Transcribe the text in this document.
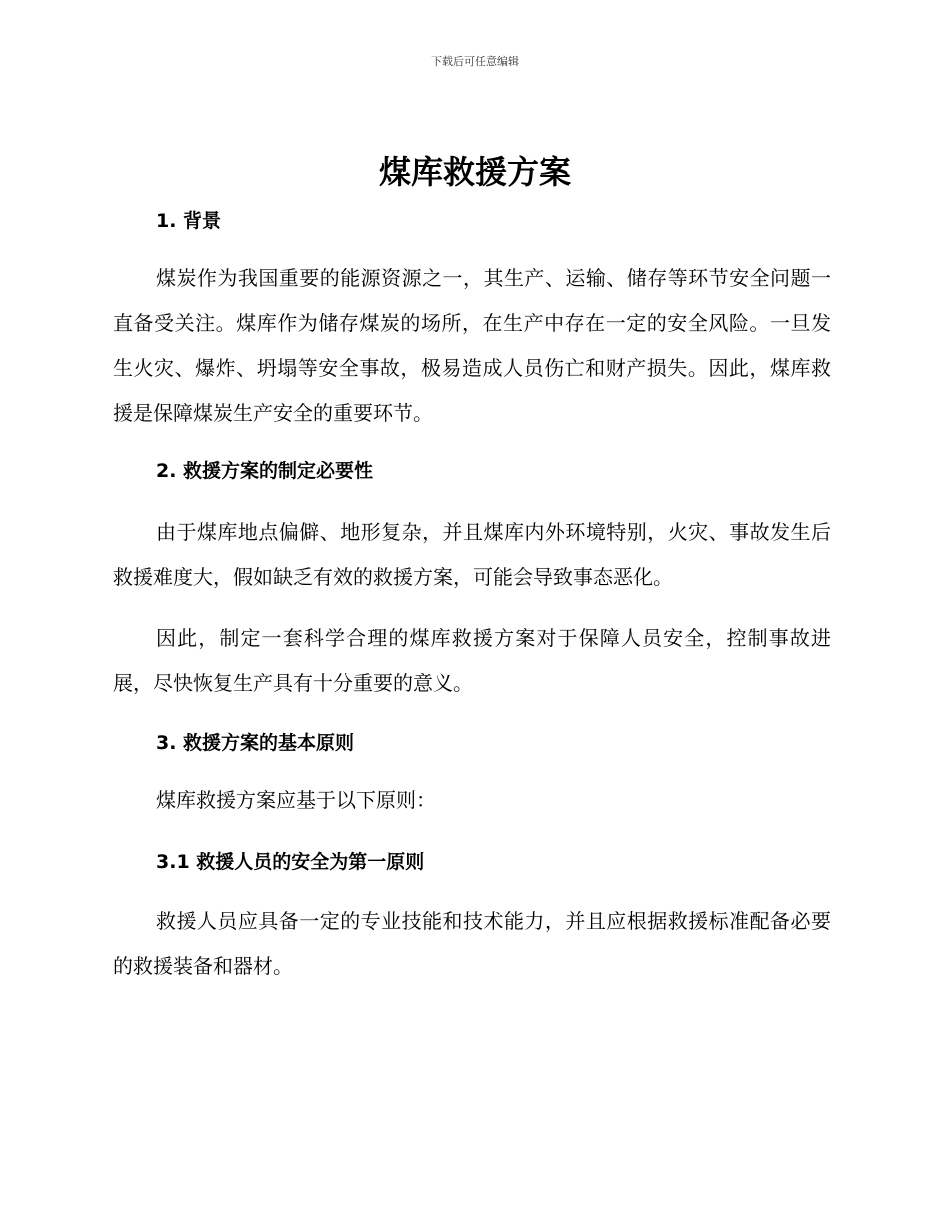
下载后可任意编辑
煤库救援方案
1. 背景

煤炭作为我国重要的能源资源之一，其生产、运输、储存等环节安全问题一直备受关注。煤库作为储存煤炭的场所，在生产中存在一定的安全风险。一旦发生火灾、爆炸、坍塌等安全事故，极易造成人员伤亡和财产损失。因此，煤库救援是保障煤炭生产安全的重要环节。

2. 救援方案的制定必要性

由于煤库地点偏僻、地形复杂，并且煤库内外环境特别，火灾、事故发生后救援难度大，假如缺乏有效的救援方案，可能会导致事态恶化。

因此，制定一套科学合理的煤库救援方案对于保障人员安全，控制事故进展，尽快恢复生产具有十分重要的意义。

3. 救援方案的基本原则

煤库救援方案应基于以下原则：

3.1 救援人员的安全为第一原则

救援人员应具备一定的专业技能和技术能力，并且应根据救援标准配备必要的救援装备和器材。
